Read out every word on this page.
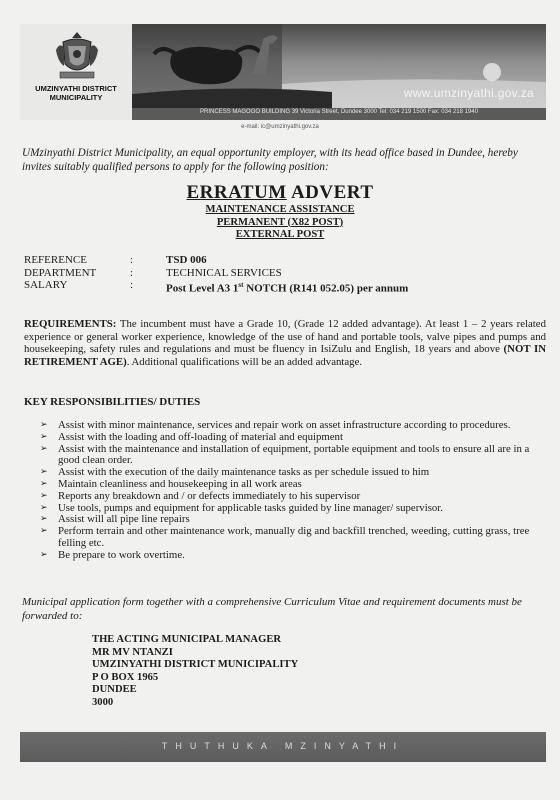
UMZINYATHI DISTRICT
MUNICIPALITY	www.umzinyathi.gov.za
PRINCESS MAGOGO BUILDING 39 Victoria Street, Dundee 3000 Tel: 034 219 1500 Fax: 034 218 1940
e-mail: ic@umzinyathi.gov.za
UMzinyathi District Municipality, an equal opportunity employer, with its head office based in Dundee, hereby invites suitably qualified persons to apply for the following position:
ERRATUM ADVERT
MAINTENANCE ASSISTANCE
PERMANENT (X82 POST)
EXTERNAL POST
REFERENCE	:	TSD 006
DEPARTMENT	:	TECHNICAL SERVICES
SALARY	:	Post Level A3 1st NOTCH (R141 052.05) per annum
REQUIREMENTS: The incumbent must have a Grade 10, (Grade 12 added advantage). At least 1 – 2 years related experience or general worker experience, knowledge of the use of hand and portable tools, valve pipes and pumps and housekeeping, safety rules and regulations and must be fluency in IsiZulu and English, 18 years and above (NOT IN RETIREMENT AGE). Additional qualifications will be an added advantage.
KEY RESPONSIBILITIES/ DUTIES
➢ Assist with minor maintenance, services and repair work on asset infrastructure according to procedures.
➢ Assist with the loading and off-loading of material and equipment
➢ Assist with the maintenance and installation of equipment, portable equipment and tools to ensure all are in a good clean order.
➢ Assist with the execution of the daily maintenance tasks as per schedule issued to him
➢ Maintain cleanliness and housekeeping in all work areas
➢ Reports any breakdown and / or defects immediately to his supervisor
➢ Use tools, pumps and equipment for applicable tasks guided by line manager/ supervisor.
➢ Assist will all pipe line repairs
➢ Perform terrain and other maintenance work, manually dig and backfill trenched, weeding, cutting grass, tree felling etc.
➢ Be prepare to work overtime.
Municipal application form together with a comprehensive Curriculum Vitae and requirement documents must be forwarded to:
THE ACTING MUNICIPAL MANAGER
MR MV NTANZI
UMZINYATHI DISTRICT MUNICIPALITY
P O BOX 1965
DUNDEE
3000
THUTHUKA MZINYATHI
